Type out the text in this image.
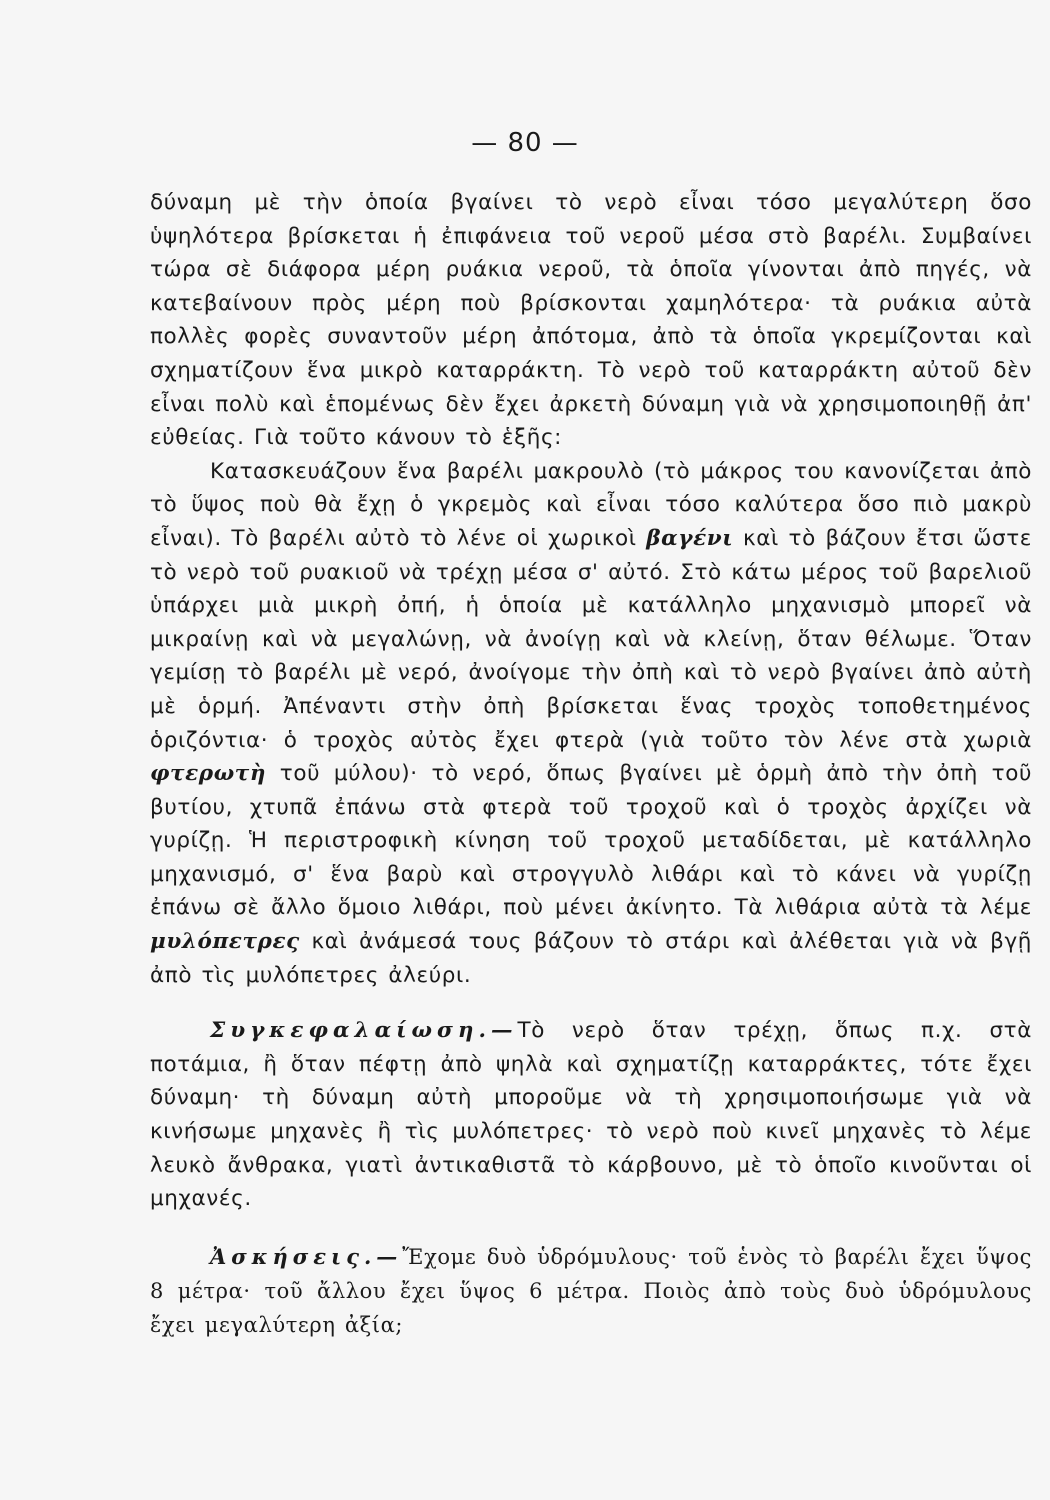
— 80 —

δύναμη μὲ τὴν ὁποία βγαίνει τὸ νερὸ εἶναι τόσο μεγαλύτερη ὅσο ὑψηλότερα βρίσκεται ἡ ἐπιφάνεια τοῦ νεροῦ μέσα στὸ βαρέλι. Συμβαίνει τώρα σὲ διάφορα μέρη ρυάκια νεροῦ, τὰ ὁποῖα γίνονται ἀπὸ πηγές, νὰ κατεβαίνουν πρὸς μέρη ποὺ βρίσκονται χαμηλότερα· τὰ ρυάκια αὐτὰ πολλὲς φορὲς συναντοῦν μέρη ἀπότομα, ἀπὸ τὰ ὁποῖα γκρεμίζονται καὶ σχηματίζουν ἕνα μικρὸ καταρράκτη. Τὸ νερὸ τοῦ καταρράκτη αὐτοῦ δὲν εἶναι πολὺ καὶ ἑπομένως δὲν ἔχει ἀρκετὴ δύναμη γιὰ νὰ χρησιμοποιηθῇ ἀπ' εὐθείας. Γιὰ τοῦτο κάνουν τὸ ἑξῆς:

Κατασκευάζουν ἕνα βαρέλι μακρουλὸ (τὸ μάκρος του κανονίζεται ἀπὸ τὸ ὕψος ποὺ θὰ ἔχῃ ὁ γκρεμὸς καὶ εἶναι τόσο καλύτερα ὅσο πιὸ μακρὺ εἶναι). Τὸ βαρέλι αὐτὸ τὸ λένε οἱ χωρικοὶ βαγένι καὶ τὸ βάζουν ἔτσι ὥστε τὸ νερὸ τοῦ ρυακιοῦ νὰ τρέχῃ μέσα σ' αὐτό. Στὸ κάτω μέρος τοῦ βαρελιοῦ ὑπάρχει μιὰ μικρὴ ὀπή, ἡ ὁποία μὲ κατάλληλο μηχανισμὸ μπορεῖ νὰ μικραίνῃ καὶ νὰ μεγαλώνῃ, νὰ ἀνοίγῃ καὶ νὰ κλείνῃ, ὅταν θέλωμε. Ὅταν γεμίσῃ τὸ βαρέλι μὲ νερό, ἀνοίγομε τὴν ὀπὴ καὶ τὸ νερὸ βγαίνει ἀπὸ αὐτὴ μὲ ὁρμή. Ἀπέναντι στὴν ὀπὴ βρίσκεται ἕνας τροχὸς τοποθετημένος ὁριζόντια· ὁ τροχὸς αὐτὸς ἔχει φτερὰ (γιὰ τοῦτο τὸν λένε στὰ χωριὰ φτερωτὴ τοῦ μύλου)· τὸ νερό, ὅπως βγαίνει μὲ ὁρμὴ ἀπὸ τὴν ὀπὴ τοῦ βυτίου, χτυπᾶ ἐπάνω στὰ φτερὰ τοῦ τροχοῦ καὶ ὁ τροχὸς ἀρχίζει νὰ γυρίζῃ. Ἡ περιστροφικὴ κίνηση τοῦ τροχοῦ μεταδίδεται, μὲ κατάλληλο μηχανισμό, σ' ἕνα βαρὺ καὶ στρογγυλὸ λιθάρι καὶ τὸ κάνει νὰ γυρίζῃ ἐπάνω σὲ ἄλλο ὅμοιο λιθάρι, ποὺ μένει ἀκίνητο. Τὰ λιθάρια αὐτὰ τὰ λέμε μυλόπετρες καὶ ἀνάμεσά τους βάζουν τὸ στάρι καὶ ἀλέθεται γιὰ νὰ βγῇ ἀπὸ τὶς μυλόπετρες ἀλεύρι.

Συγκεφαλαίωση.—Τὸ νερὸ ὅταν τρέχῃ, ὅπως π.χ. στὰ ποτάμια, ἢ ὅταν πέφτῃ ἀπὸ ψηλὰ καὶ σχηματίζῃ καταρράκτες, τότε ἔχει δύναμη· τὴ δύναμη αὐτὴ μποροῦμε νὰ τὴ χρησιμοποιήσωμε γιὰ νὰ κινήσωμε μηχανὲς ἢ τὶς μυλόπετρες· τὸ νερὸ ποὺ κινεῖ μηχανὲς τὸ λέμε λευκὸ ἄνθρακα, γιατὶ ἀντικαθιστᾶ τὸ κάρβουνο, μὲ τὸ ὁποῖο κινοῦνται οἱ μηχανές.

Ἀσκήσεις.—Ἔχομε δυὸ ὑδρόμυλους· τοῦ ἑνὸς τὸ βαρέλι ἔχει ὕψος 8 μέτρα· τοῦ ἄλλου ἔχει ὕψος 6 μέτρα. Ποιὸς ἀπὸ τοὺς δυὸ ὑδρόμυλους ἔχει μεγαλύτερη ἀξία;
